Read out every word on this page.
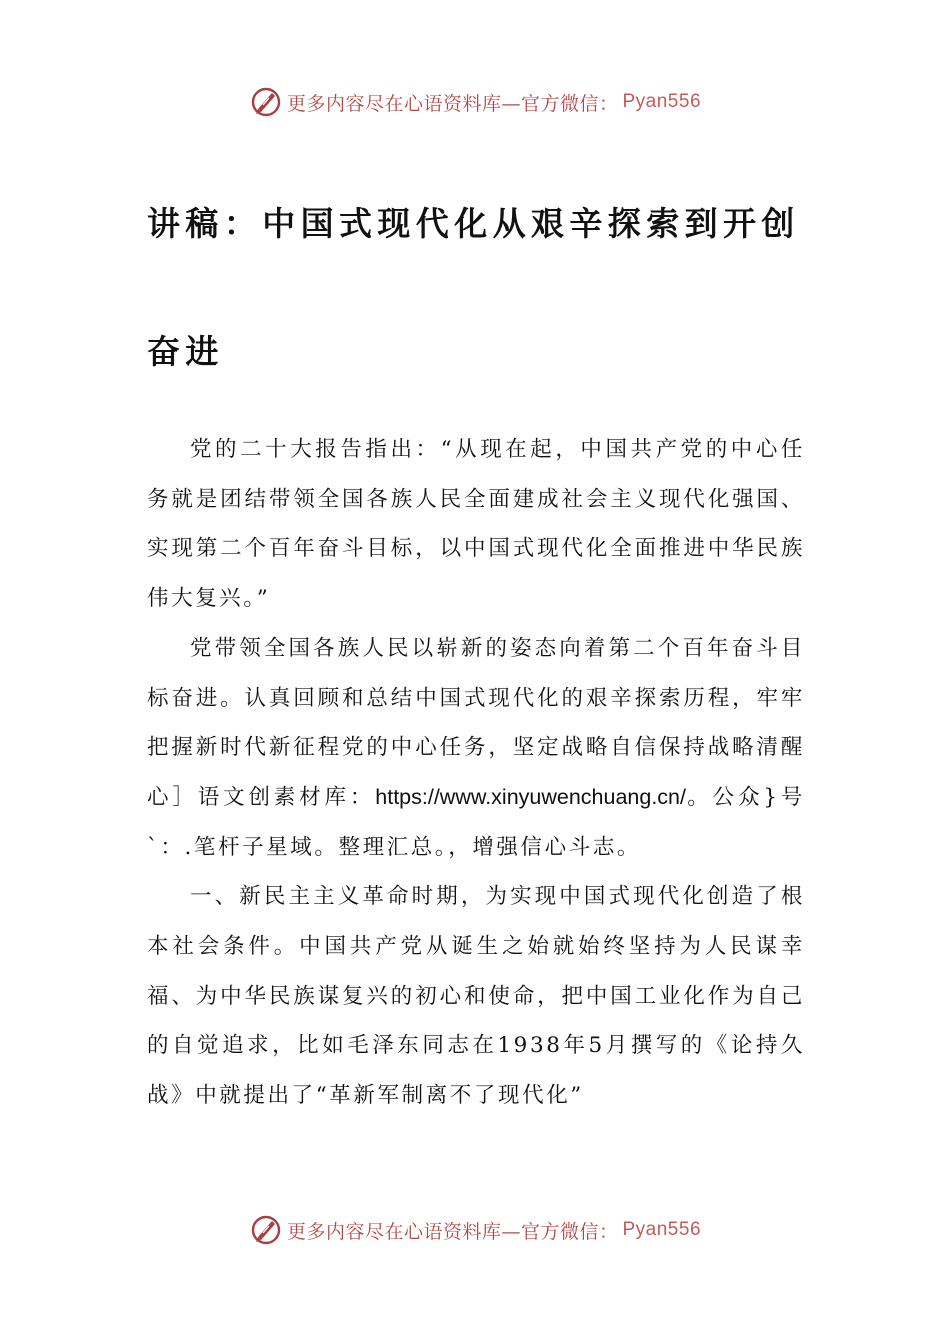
更多内容尽在心语资料库—官方微信： Pyan556
讲稿：中国式现代化从艰辛探索到开创奋进

党的二十大报告指出：“从现在起，中国共产党的中心任务就是团结带领全国各族人民全面建成社会主义现代化强国、实现第二个百年奋斗目标，以中国式现代化全面推进中华民族伟大复兴。”

党带领全国各族人民以崭新的姿态向着第二个百年奋斗目标奋进。认真回顾和总结中国式现代化的艰辛探索历程，牢牢把握新时代新征程党的中心任务，坚定战略自信保持战略清醒心］语文创素材库：https://www.xinyuwenchuang.cn/。公众}号`：.笔杆子星域。整理汇总。，增强信心斗志。

一、新民主主义革命时期，为实现中国式现代化创造了根本社会条件。中国共产党从诞生之始就始终坚持为人民谋幸福、为中华民族谋复兴的初心和使命，把中国工业化作为自己的自觉追求，比如毛泽东同志在1938年5月撰写的《论持久战》中就提出了“革新军制离不了现代化”

更多内容尽在心语资料库—官方微信： Pyan556
